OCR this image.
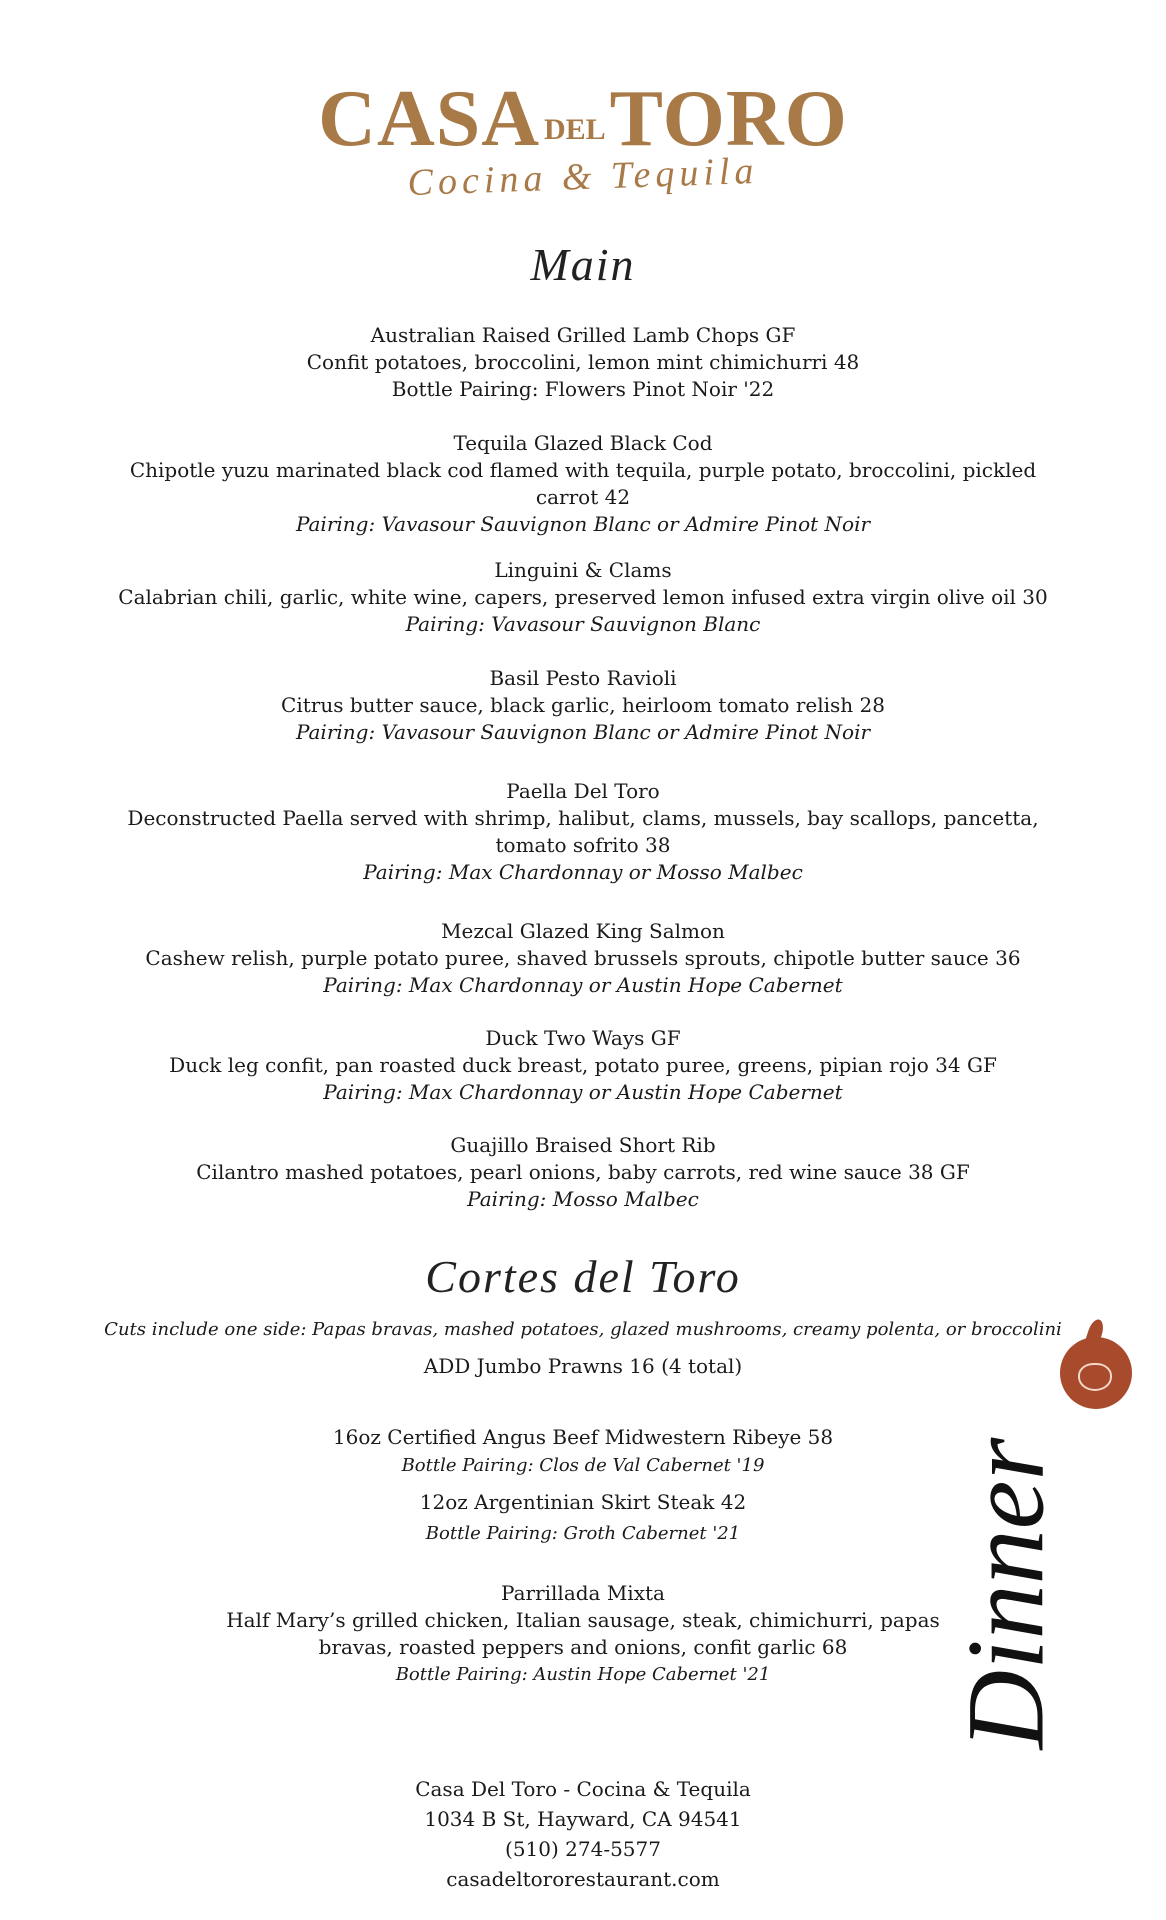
CASA DELTORO
Cocina & Tequila
Main
Australian Raised Grilled Lamb Chops GF
Confit potatoes, broccolini, lemon mint chimichurri 48
Bottle Pairing: Flowers Pinot Noir '22
Tequila Glazed Black Cod
Chipotle yuzu marinated black cod flamed with tequila, purple potato, broccolini, pickled
carrot 42
Pairing: Vavasour Sauvignon Blanc or Admire Pinot Noir
Linguini & Clams
Calabrian chili, garlic, white wine, capers, preserved lemon infused extra virgin olive oil 30
Pairing: Vavasour Sauvignon Blanc
Basil Pesto Ravioli
Citrus butter sauce, black garlic, heirloom tomato relish 28
Pairing: Vavasour Sauvignon Blanc or Admire Pinot Noir
Paella Del Toro
Deconstructed Paella served with shrimp, halibut, clams, mussels, bay scallops, pancetta,
tomato sofrito 38
Pairing: Max Chardonnay or Mosso Malbec
Mezcal Glazed King Salmon
Cashew relish, purple potato puree, shaved brussels sprouts, chipotle butter sauce 36
Pairing: Max Chardonnay or Austin Hope Cabernet
Duck Two Ways GF
Duck leg confit, pan roasted duck breast, potato puree, greens, pipian rojo 34 GF
Pairing: Max Chardonnay or Austin Hope Cabernet
Guajillo Braised Short Rib
Cilantro mashed potatoes, pearl onions, baby carrots, red wine sauce 38 GF
Pairing: Mosso Malbec
Cortes del Toro
Cuts include one side: Papas bravas, mashed potatoes, glazed mushrooms, creamy polenta, or broccolini
ADD Jumbo Prawns 16 (4 total)
16oz Certified Angus Beef Midwestern Ribeye 58
Bottle Pairing: Clos de Val Cabernet '19
12oz Argentinian Skirt Steak 42
Bottle Pairing: Groth Cabernet '21
Parrillada Mixta
Half Mary’s grilled chicken, Italian sausage, steak, chimichurri, papas
bravas, roasted peppers and onions, confit garlic 68
Bottle Pairing: Austin Hope Cabernet '21
Casa Del Toro - Cocina & Tequila
1034 B St, Hayward, CA 94541
(510) 274-5577
casadeltororestaurant.com
Dinner
